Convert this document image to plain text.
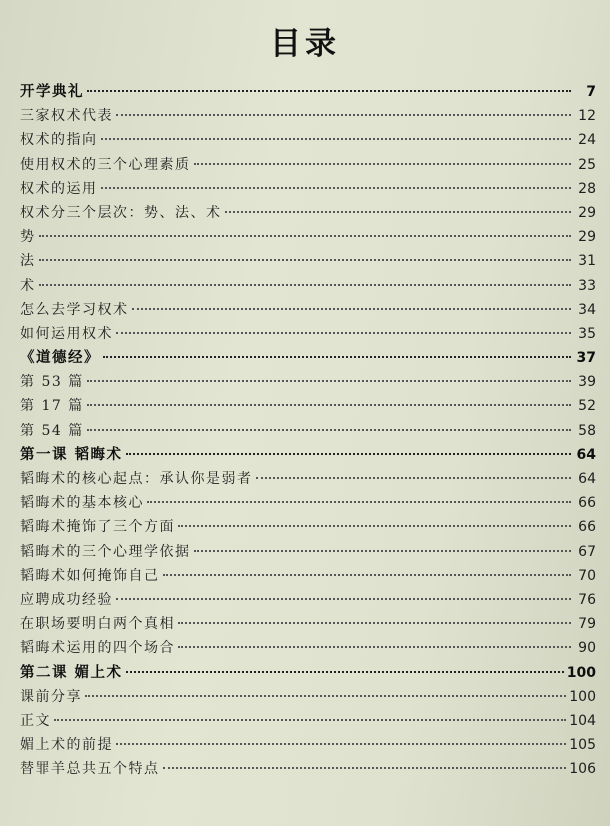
目录
开学典礼	7
三家权术代表	12
权术的指向	24
使用权术的三个心理素质	25
权术的运用	28
权术分三个层次：势、法、术	29
势	29
法	31
术	33
怎么去学习权术	34
如何运用权术	35
《道德经》	37
第 53 篇	39
第 17 篇	52
第 54 篇	58
第一课 韬晦术	64
韬晦术的核心起点：承认你是弱者	64
韬晦术的基本核心	66
韬晦术掩饰了三个方面	66
韬晦术的三个心理学依据	67
韬晦术如何掩饰自己	70
应聘成功经验	76
在职场要明白两个真相	79
韬晦术运用的四个场合	90
第二课 媚上术	100
课前分享	100
正文	104
媚上术的前提	105
替罪羊总共五个特点	106
